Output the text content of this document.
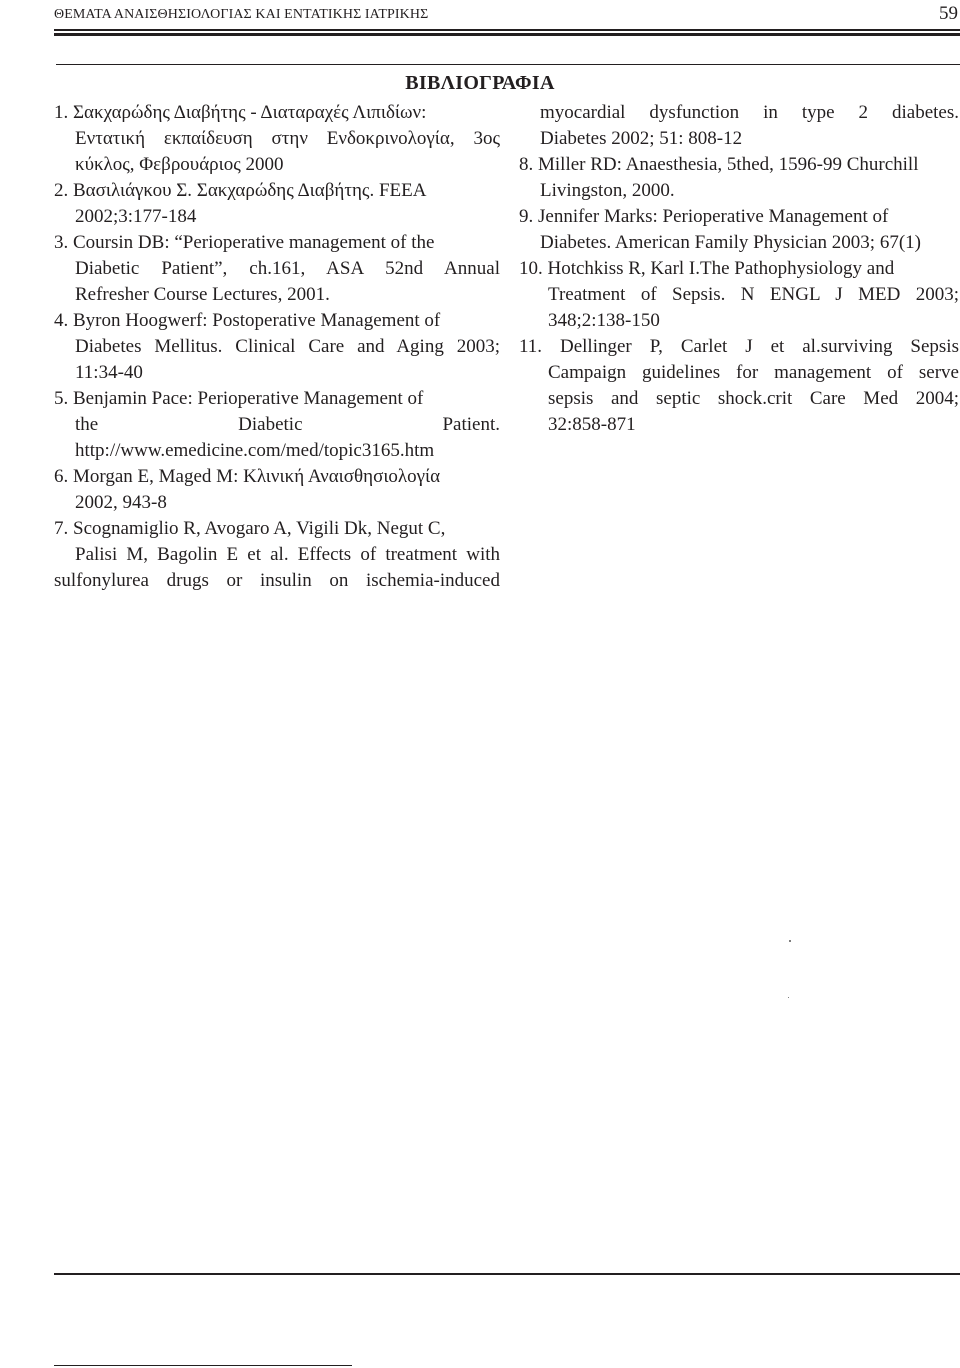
ΘΕΜΑΤΑ ΑΝΑΙΣΘΗΣΙΟΛΟΓΙΑΣ ΚΑΙ ΕΝΤΑΤΙΚΗΣ ΙΑΤΡΙΚΗΣ	59
ΒΙΒΛΙΟΓΡΑΦΙΑ
1. Σακχαρώδης Διαβήτης - Διαταραχές Λιπιδίων:
Εντατική εκπαίδευση στην Ενδοκρινολογία, 3ος
κύκλος, Φεβρουάριος 2000
2. Βασιλιάγκου Σ. Σακχαρώδης Διαβήτης. FEEA
2002;3:177-184
3. Coursin DB: “Perioperative management of the
Diabetic Patient”, ch.161, ASA 52nd Annual
Refresher Course Lectures, 2001.
4. Byron Hoogwerf: Postoperative Management of
Diabetes Mellitus. Clinical Care and Aging 2003;
11:34-40
5. Benjamin Pace: Perioperative Management of
the Diabetic Patient.
http://www.emedicine.com/med/topic3165.htm
6. Morgan E, Maged M: Κλινική Αναισθησιολογία
2002, 943-8
7. Scognamiglio R, Avogaro A, Vigili Dk, Negut C,
Palisi M, Bagolin E et al. Effects of treatment with
sulfonylurea drugs or insulin on ischemia-induced
myocardial dysfunction in type 2 diabetes.
Diabetes 2002; 51: 808-12
8. Miller RD: Anaesthesia, 5thed, 1596-99 Churchill
Livingston, 2000.
9. Jennifer Marks: Perioperative Management of
Diabetes. American Family Physician 2003; 67(1)
10. Hotchkiss R, Karl I.The Pathophysiology and
Treatment of Sepsis. N ENGL J MED 2003;
348;2:138-150
11. Dellinger P, Carlet J et al.surviving Sepsis
Campaign guidelines for management of serve
sepsis and septic shock.crit Care Med 2004;
32:858-871
